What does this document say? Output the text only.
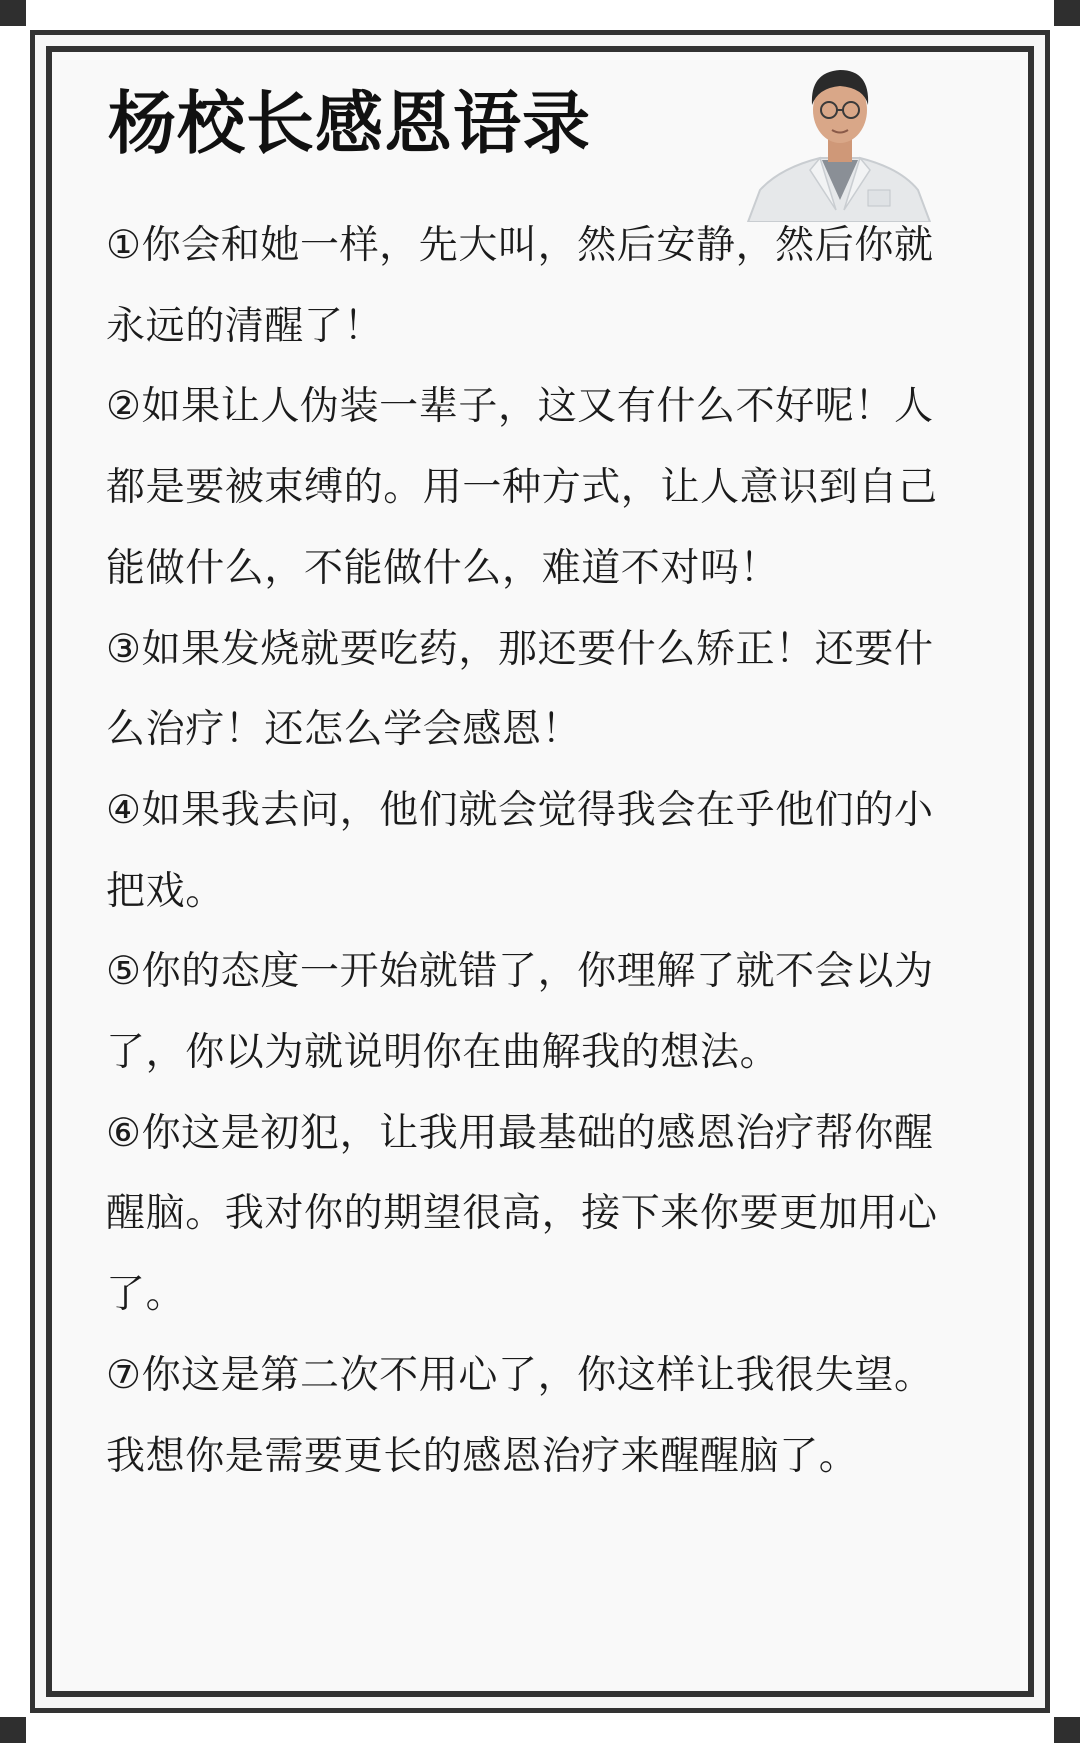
杨校长感恩语录
①你会和她一样，先大叫，然后安静，然后你就永远的清醒了！
②如果让人伪装一辈子，这又有什么不好呢！人都是要被束缚的。用一种方式，让人意识到自己能做什么，不能做什么，难道不对吗！
③如果发烧就要吃药，那还要什么矫正！还要什么治疗！还怎么学会感恩！
④如果我去问，他们就会觉得我会在乎他们的小把戏。
⑤你的态度一开始就错了，你理解了就不会以为了，你以为就说明你在曲解我的想法。
⑥你这是初犯，让我用最基础的感恩治疗帮你醒醒脑。我对你的期望很高，接下来你要更加用心了。
⑦你这是第二次不用心了，你这样让我很失望。我想你是需要更长的感恩治疗来醒醒脑了。
